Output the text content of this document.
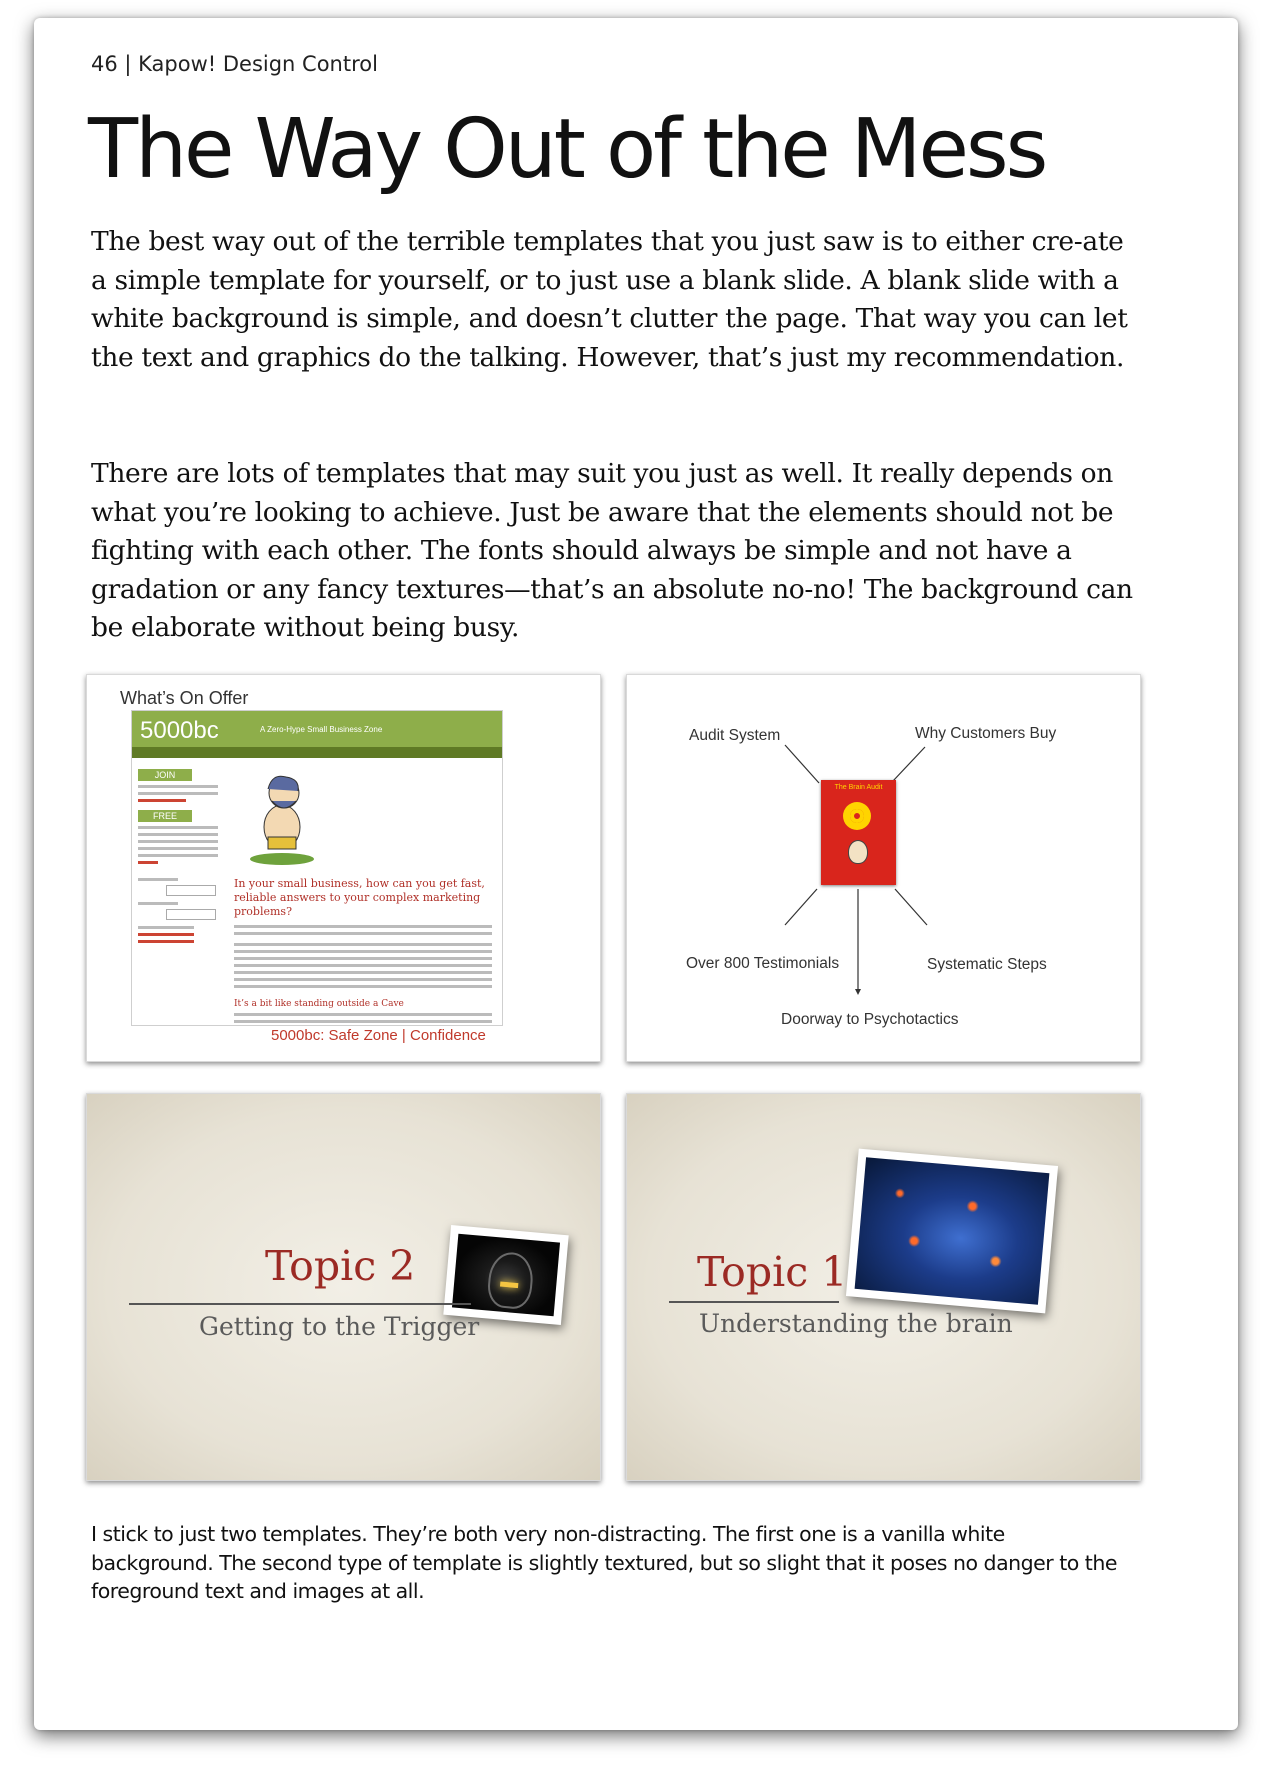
46 | Kapow! Design Control
The Way Out of the Mess

The best way out of the terrible templates that you just saw is to either cre-ate a simple template for yourself, or to just use a blank slide. A blank slide with a white background is simple, and doesn’t clutter the page. That way you can let the text and graphics do the talking. However, that’s just my recommendation.

There are lots of templates that may suit you just as well. It really depends on what you’re looking to achieve. Just be aware that the elements should not be fighting with each other. The fonts should always be simple and not have a gradation or any fancy textures—that’s an absolute no-no! The background can be elaborate without being busy.

What’s On Offer
5000bc	A Zero-Hype Small Business Zone
JOIN
FREE
In your small business, how can you get fast, reliable answers to your complex marketing problems?
It’s a bit like standing outside a Cave
5000bc: Safe Zone | Confidence
Audit System	Why Customers Buy
The Brain Audit
Over 800 Testimonials	Systematic Steps
Doorway to Psychotactics
Topic 2
Getting to the Trigger
Topic 1
Understanding the brain

I stick to just two templates. They’re both very non-distracting. The first one is a vanilla white background. The second type of template is slightly textured, but so slight that it poses no danger to the foreground text and images at all.
